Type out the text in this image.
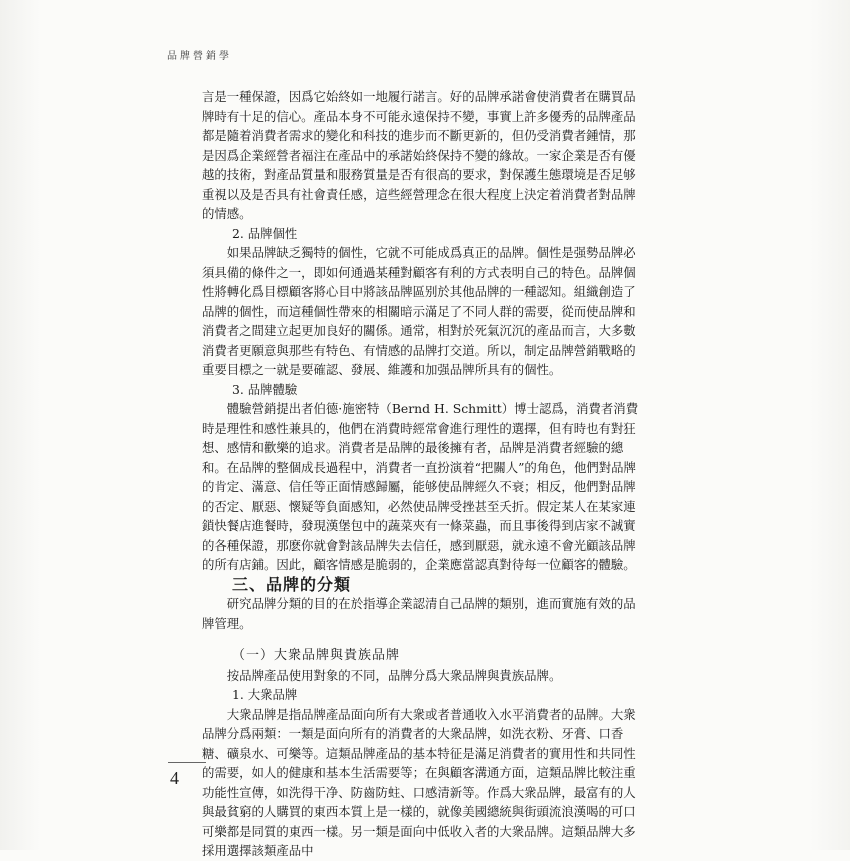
品牌營銷學

言是一種保證，因爲它始終如一地履行諾言。好的品牌承諾會使消費者在購買品牌時有十足的信心。產品本身不可能永遠保持不變，事實上許多優秀的品牌產品都是隨着消費者需求的變化和科技的進步而不斷更新的，但仍受消費者鍾情，那是因爲企業經營者福注在產品中的承諾始終保持不變的緣故。一家企業是否有優越的技術，對產品質量和服務質量是否有很高的要求，對保護生態環境是否足够重視以及是否具有社會責任感，這些經營理念在很大程度上決定着消費者對品牌的情感。

2. 品牌個性

如果品牌缺乏獨特的個性，它就不可能成爲真正的品牌。個性是强勢品牌必須具備的條件之一，即如何通過某種對顧客有利的方式表明自己的特色。品牌個性將轉化爲目標顧客將心目中將該品牌區别於其他品牌的一種認知。組織創造了品牌的個性，而這種個性帶來的相關暗示滿足了不同人群的需要，從而使品牌和消費者之間建立起更加良好的關係。通常，相對於死氣沉沉的產品而言，大多數消費者更願意與那些有特色、有情感的品牌打交道。所以，制定品牌營銷戰略的重要目標之一就是要確認、發展、維護和加强品牌所具有的個性。

3. 品牌體驗

體驗營銷提出者伯德·施密特（Bernd H. Schmitt）博士認爲，消費者消費時是理性和感性兼具的，他們在消費時經常會進行理性的選擇，但有時也有對狂想、感情和歡樂的追求。消費者是品牌的最後擁有者，品牌是消費者經驗的總和。在品牌的整個成長過程中，消費者一直扮演着“把關人”的角色，他們對品牌的肯定、滿意、信任等正面情感歸屬，能够使品牌經久不衰；相反，他們對品牌的否定、厭惡、懷疑等負面感知，必然使品牌受挫甚至夭折。假定某人在某家連鎖快餐店進餐時，發現漢堡包中的蔬菜夾有一條菜蟲，而且事後得到店家不誠實的各種保證，那麽你就會對該品牌失去信任，感到厭惡，就永遠不會光顧該品牌的所有店鋪。因此，顧客情感是脆弱的，企業應當認真對待每一位顧客的體驗。

三、品牌的分類

研究品牌分類的目的在於指導企業認清自己品牌的類别，進而實施有效的品牌管理。

（一）大衆品牌與貴族品牌

按品牌產品使用對象的不同，品牌分爲大衆品牌與貴族品牌。

1. 大衆品牌

大衆品牌是指品牌產品面向所有大衆或者普通收入水平消費者的品牌。大衆品牌分爲兩類：一類是面向所有的消費者的大衆品牌，如洗衣粉、牙膏、口香糖、礦泉水、可樂等。這類品牌產品的基本特征是滿足消費者的實用性和共同性的需要，如人的健康和基本生活需要等；在與顧客溝通方面，這類品牌比較注重功能性宣傳，如洗得干净、防齒防蛀、口感清新等。作爲大衆品牌，最富有的人與最貧窮的人購買的東西本質上是一樣的，就像美國總統與街頭流浪漢喝的可口可樂都是同質的東西一樣。另一類是面向中低收入者的大衆品牌。這類品牌大多採用選擇該類產品中

4
